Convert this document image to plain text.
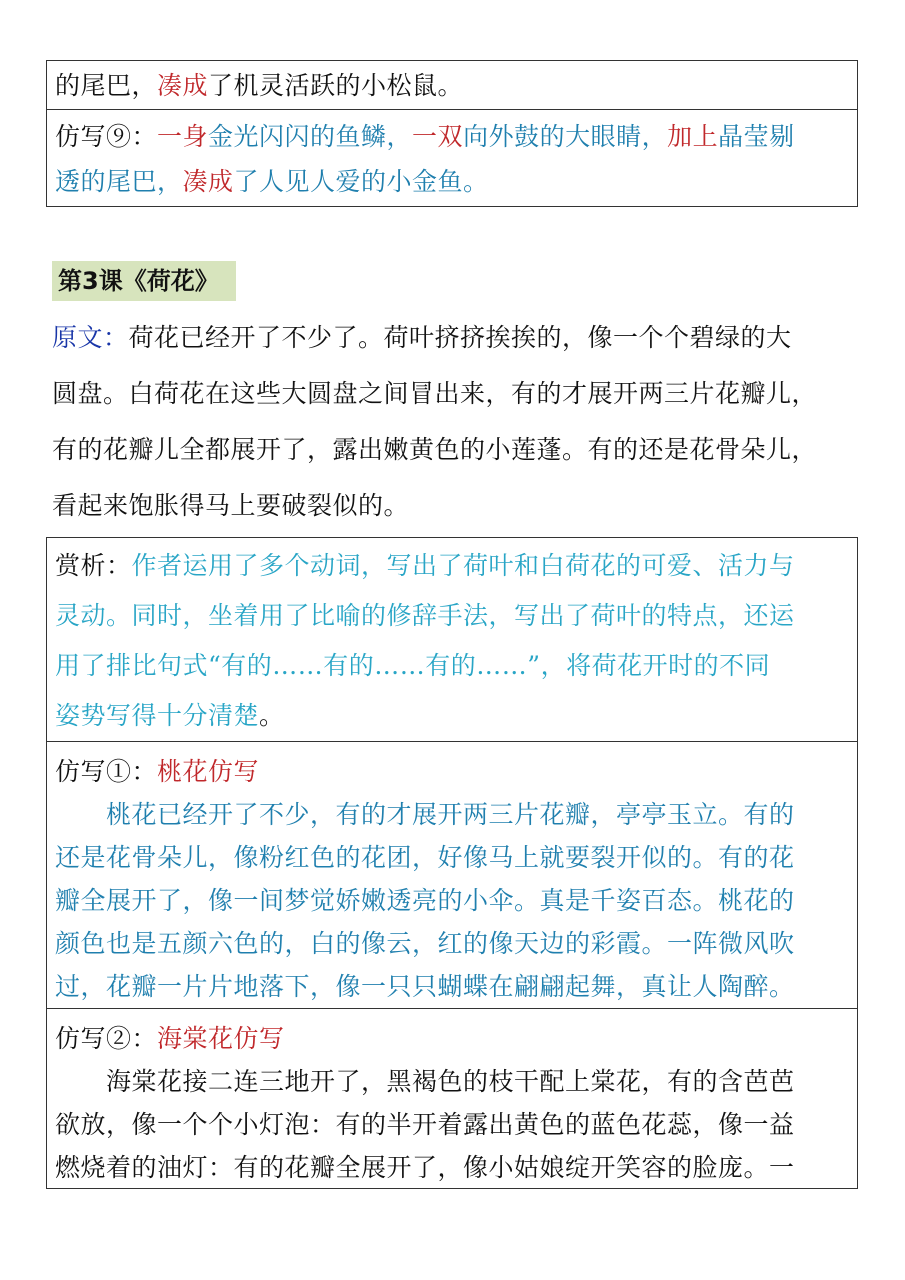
的尾巴，凑成了机灵活跃的小松鼠。
仿写⑨：一身金光闪闪的鱼鳞，一双向外鼓的大眼睛，加上晶莹剔
透的尾巴，凑成了人见人爱的小金鱼。
第3课《荷花》
原文：荷花已经开了不少了。荷叶挤挤挨挨的，像一个个碧绿的大
圆盘。白荷花在这些大圆盘之间冒出来，有的才展开两三片花瓣儿，
有的花瓣儿全都展开了，露出嫩黄色的小莲蓬。有的还是花骨朵儿，
看起来饱胀得马上要破裂似的。
赏析：作者运用了多个动词，写出了荷叶和白荷花的可爱、活力与
灵动。同时，坐着用了比喻的修辞手法，写出了荷叶的特点，还运
用了排比句式“有的……有的……有的……”，将荷花开时的不同
姿势写得十分清楚。
仿写①：桃花仿写
　　桃花已经开了不少，有的才展开两三片花瓣，亭亭玉立。有的
还是花骨朵儿，像粉红色的花团，好像马上就要裂开似的。有的花
瓣全展开了，像一间梦觉娇嫩透亮的小伞。真是千姿百态。桃花的
颜色也是五颜六色的，白的像云，红的像天边的彩霞。一阵微风吹
过，花瓣一片片地落下，像一只只蝴蝶在翩翩起舞，真让人陶醉。
仿写②：海棠花仿写
　　海棠花接二连三地开了，黑褐色的枝干配上棠花，有的含芭芭
欲放，像一个个小灯泡：有的半开着露出黄色的蓝色花蕊，像一益
燃烧着的油灯：有的花瓣全展开了，像小姑娘绽开笑容的脸庞。一
